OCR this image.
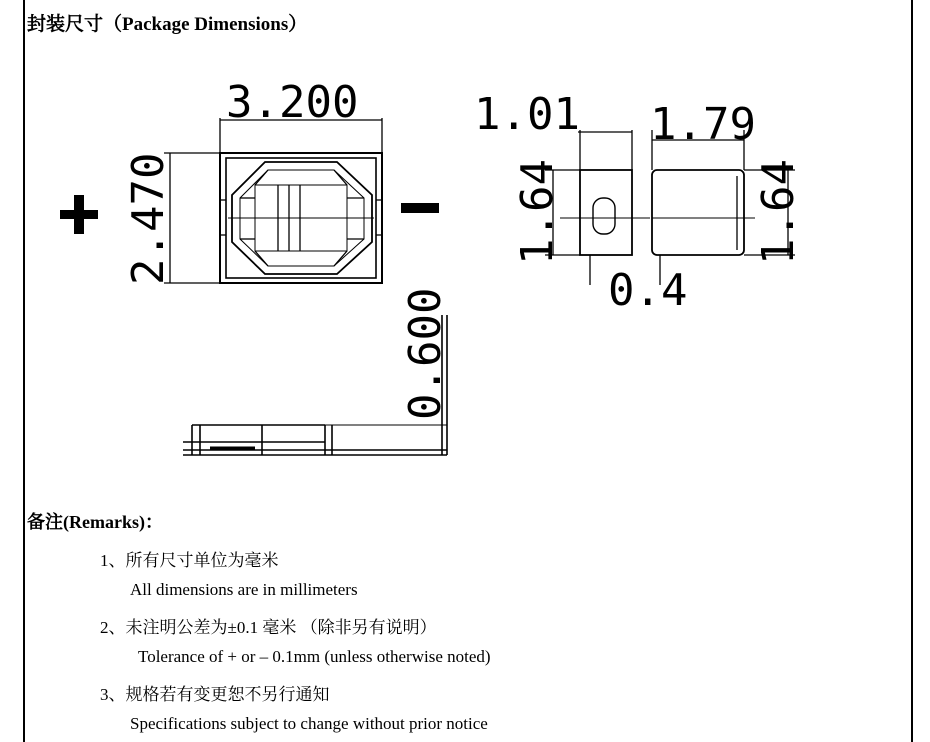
封装尺寸（Package Dimensions）
3.200
2.470
1.01 1.79
1.64	1.64
0.4
0.600
备注(Remarks)：
1、所有尺寸单位为毫米
All dimensions are in millimeters
2、未注明公差为±0.1 毫米 （除非另有说明）
Tolerance of + or – 0.1mm (unless otherwise noted)
3、规格若有变更恕不另行通知
Specifications subject to change without prior notice
